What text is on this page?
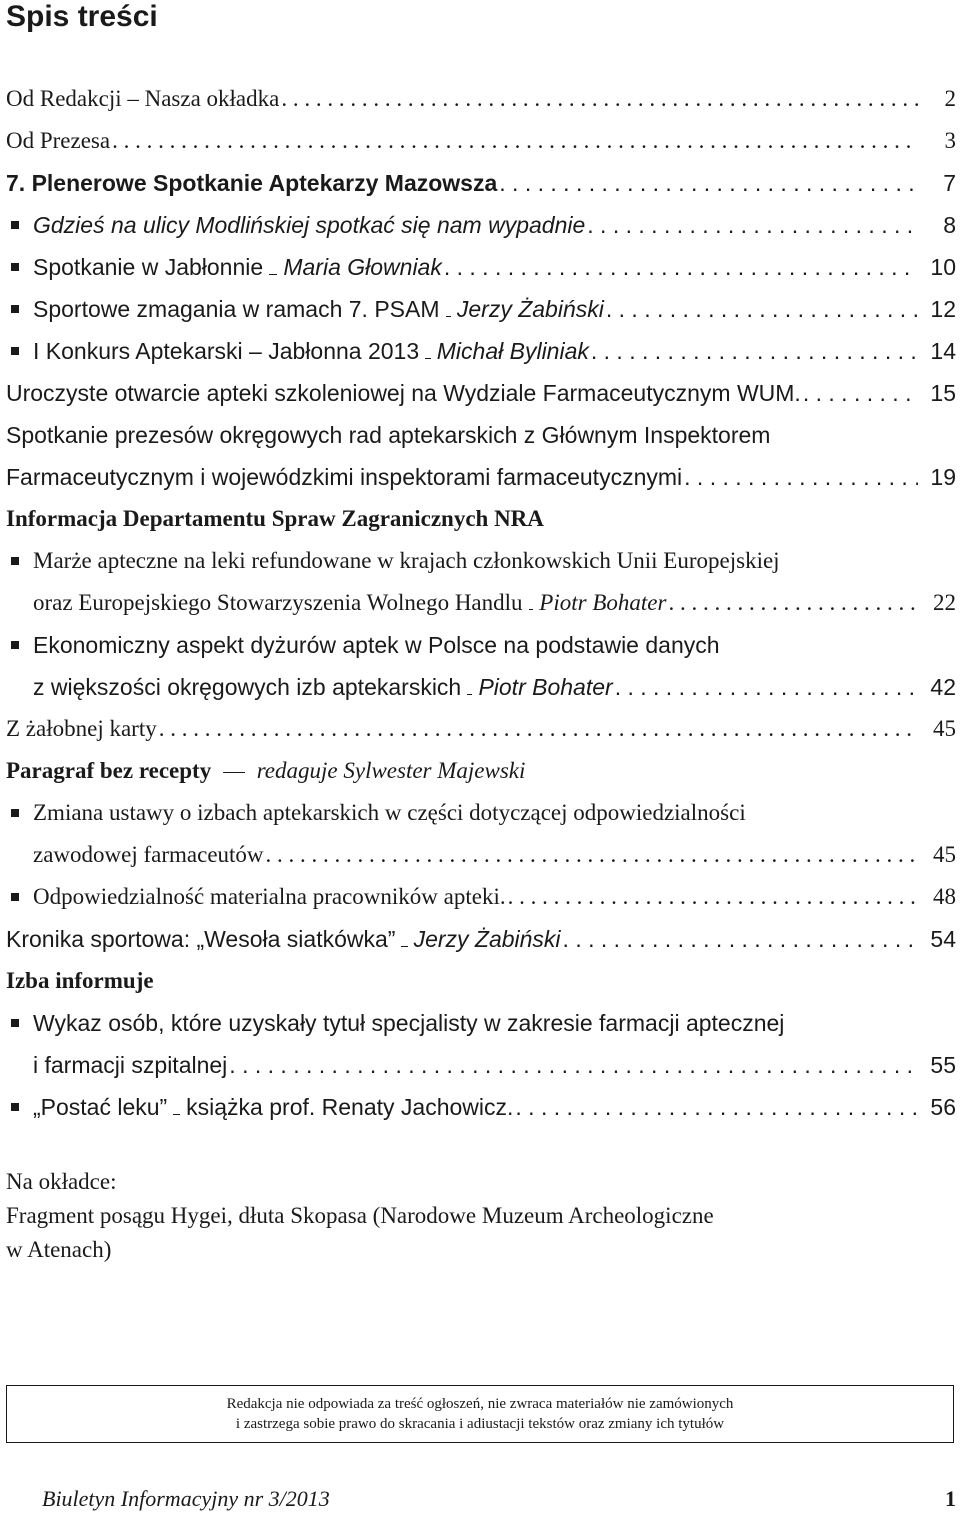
Spis treści
Od Redakcji – Nasza okładka . . .	2
Od Prezesa . . .	3
7. Plenerowe Spotkanie Aptekarzy Mazowsza . . .	7
Gdzieś na ulicy Modlińskiej spotkać się nam wypadnie . . .	8
Spotkanie w Jabłonnie Maria Głowniak . . .	10
Sportowe zmagania w ramach 7. PSAM Jerzy Żabiński . . .	12
I Konkurs Aptekarski – Jabłonna 2013 Michał Byliniak . . .	14
Uroczyste otwarcie apteki szkoleniowej na Wydziale Farmaceutycznym WUM. . . .	15
Spotkanie prezesów okręgowych rad aptekarskich z Głównym Inspektorem
Farmaceutycznym i wojewódzkimi inspektorami farmaceutycznymi . . .	19
Informacja Departamentu Spraw Zagranicznych NRA
Marże apteczne na leki refundowane w krajach członkowskich Unii Europejskiej
oraz Europejskiego Stowarzyszenia Wolnego Handlu Piotr Bohater . . .	22
Ekonomiczny aspekt dyżurów aptek w Polsce na podstawie danych
z większości okręgowych izb aptekarskich Piotr Bohater . . .	42
Z żałobnej karty . . .	45
Paragraf bez recepty redaguje Sylwester Majewski
Zmiana ustawy o izbach aptekarskich w części dotyczącej odpowiedzialności
zawodowej farmaceutów . . .	45
Odpowiedzialność materialna pracowników apteki. . . .	48
Kronika sportowa: „Wesoła siatkówka” Jerzy Żabiński . . .	54
Izba informuje
Wykaz osób, które uzyskały tytuł specjalisty w zakresie farmacji aptecznej
i farmacji szpitalnej . . .	55
„Postać leku” książka prof. Renaty Jachowicz. . . .	56
Na okładce:
Fragment posągu Hygei, dłuta Skopasa (Narodowe Muzeum Archeologiczne
w Atenach)
Redakcja nie odpowiada za treść ogłoszeń, nie zwraca materiałów nie zamówionych
i zastrzega sobie prawo do skracania i adiustacji tekstów oraz zmiany ich tytułów
Biuletyn Informacyjny nr 3/2013	1
